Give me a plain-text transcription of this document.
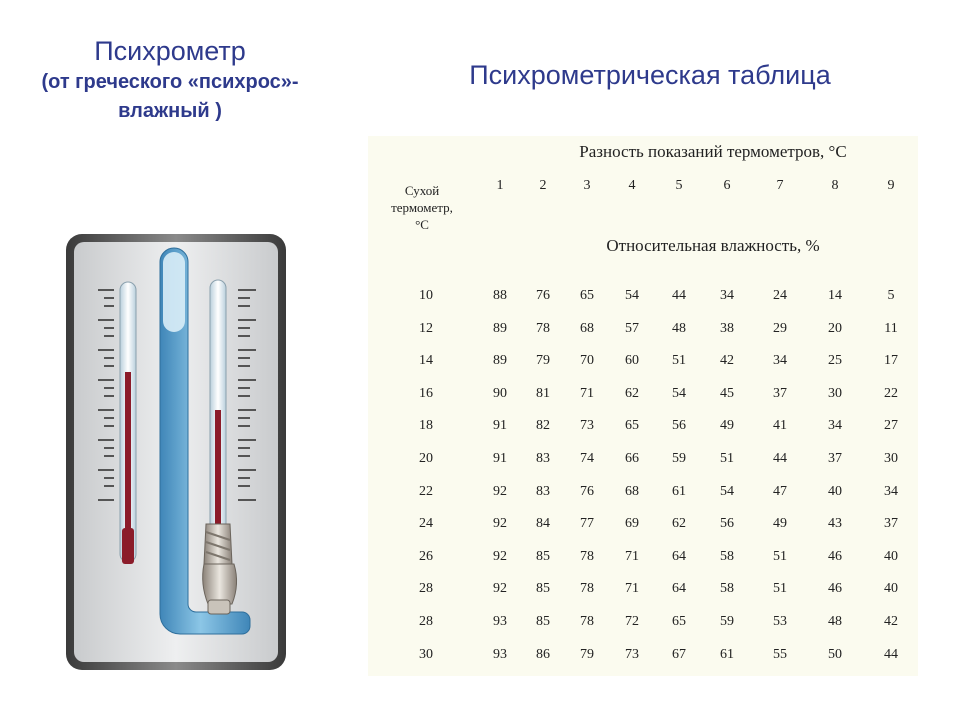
Психрометр
(от греческого «психрос»-
влажный )
Психрометрическая таблица
Разность показаний термометров, °С
Сухой
термометр,
°С
1	2	3	4	5	6	7	8	9
Относительная влажность, %
10	88	76	65	54	44	34	24	14	5
12	89	78	68	57	48	38	29	20	11
14	89	79	70	60	51	42	34	25	17
16	90	81	71	62	54	45	37	30	22
18	91	82	73	65	56	49	41	34	27
20	91	83	74	66	59	51	44	37	30
22	92	83	76	68	61	54	47	40	34
24	92	84	77	69	62	56	49	43	37
26	92	85	78	71	64	58	51	46	40
28	92	85	78	71	64	58	51	46	40
28	93	85	78	72	65	59	53	48	42
30	93	86	79	73	67	61	55	50	44
